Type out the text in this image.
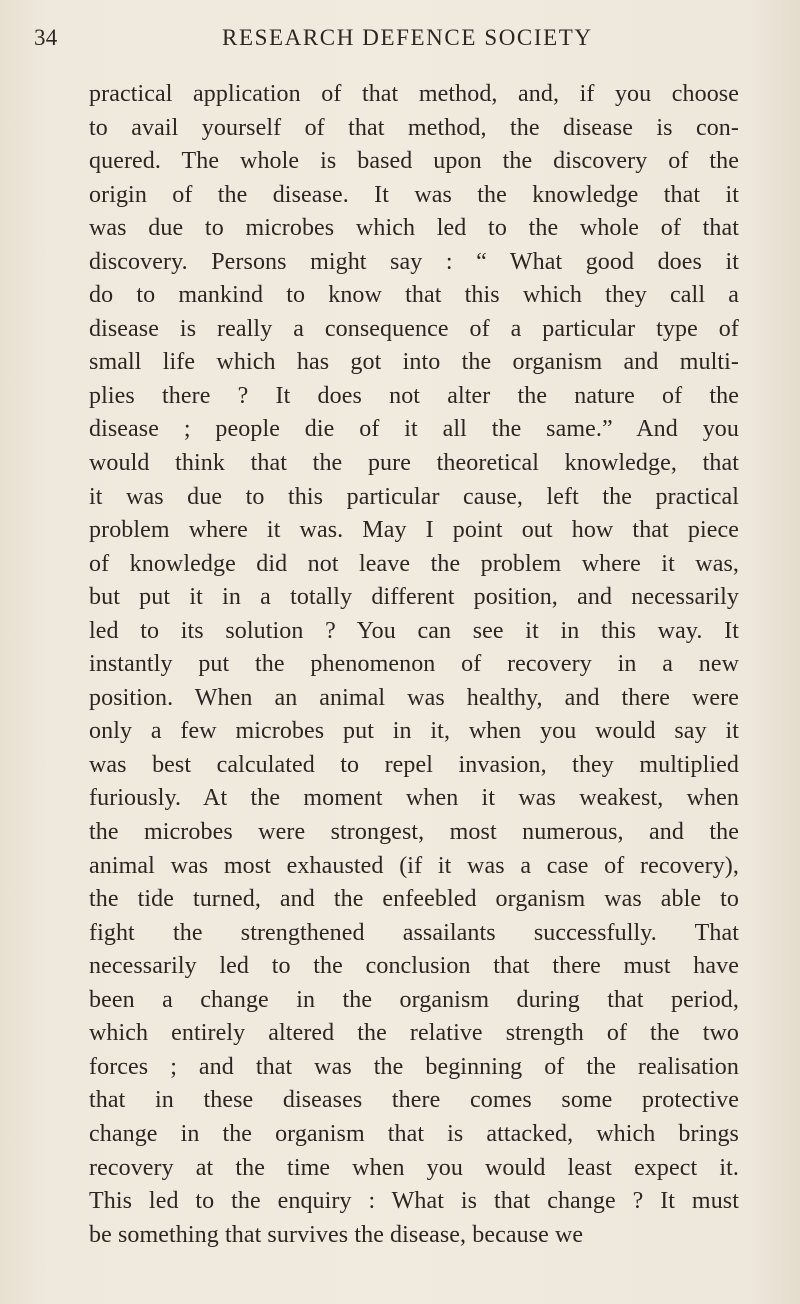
34	RESEARCH DEFENCE SOCIETY
practical application of that method, and, if you choose
to avail yourself of that method, the disease is con-
quered. The whole is based upon the discovery of the
origin of the disease. It was the knowledge that it
was due to microbes which led to the whole of that
discovery. Persons might say : “ What good does it
do to mankind to know that this which they call a
disease is really a consequence of a particular type of
small life which has got into the organism and multi-
plies there ? It does not alter the nature of the
disease ; people die of it all the same.” And you
would think that the pure theoretical knowledge, that
it was due to this particular cause, left the practical
problem where it was. May I point out how that piece
of knowledge did not leave the problem where it was,
but put it in a totally different position, and necessarily
led to its solution ? You can see it in this way. It
instantly put the phenomenon of recovery in a new
position. When an animal was healthy, and there were
only a few microbes put in it, when you would say it
was best calculated to repel invasion, they multiplied
furiously. At the moment when it was weakest, when
the microbes were strongest, most numerous, and the
animal was most exhausted (if it was a case of recovery),
the tide turned, and the enfeebled organism was able to
fight the strengthened assailants successfully. That
necessarily led to the conclusion that there must have
been a change in the organism during that period,
which entirely altered the relative strength of the two
forces ; and that was the beginning of the realisation
that in these diseases there comes some protective
change in the organism that is attacked, which brings
recovery at the time when you would least expect it.
This led to the enquiry : What is that change ? It must
be something that survives the disease, because we
